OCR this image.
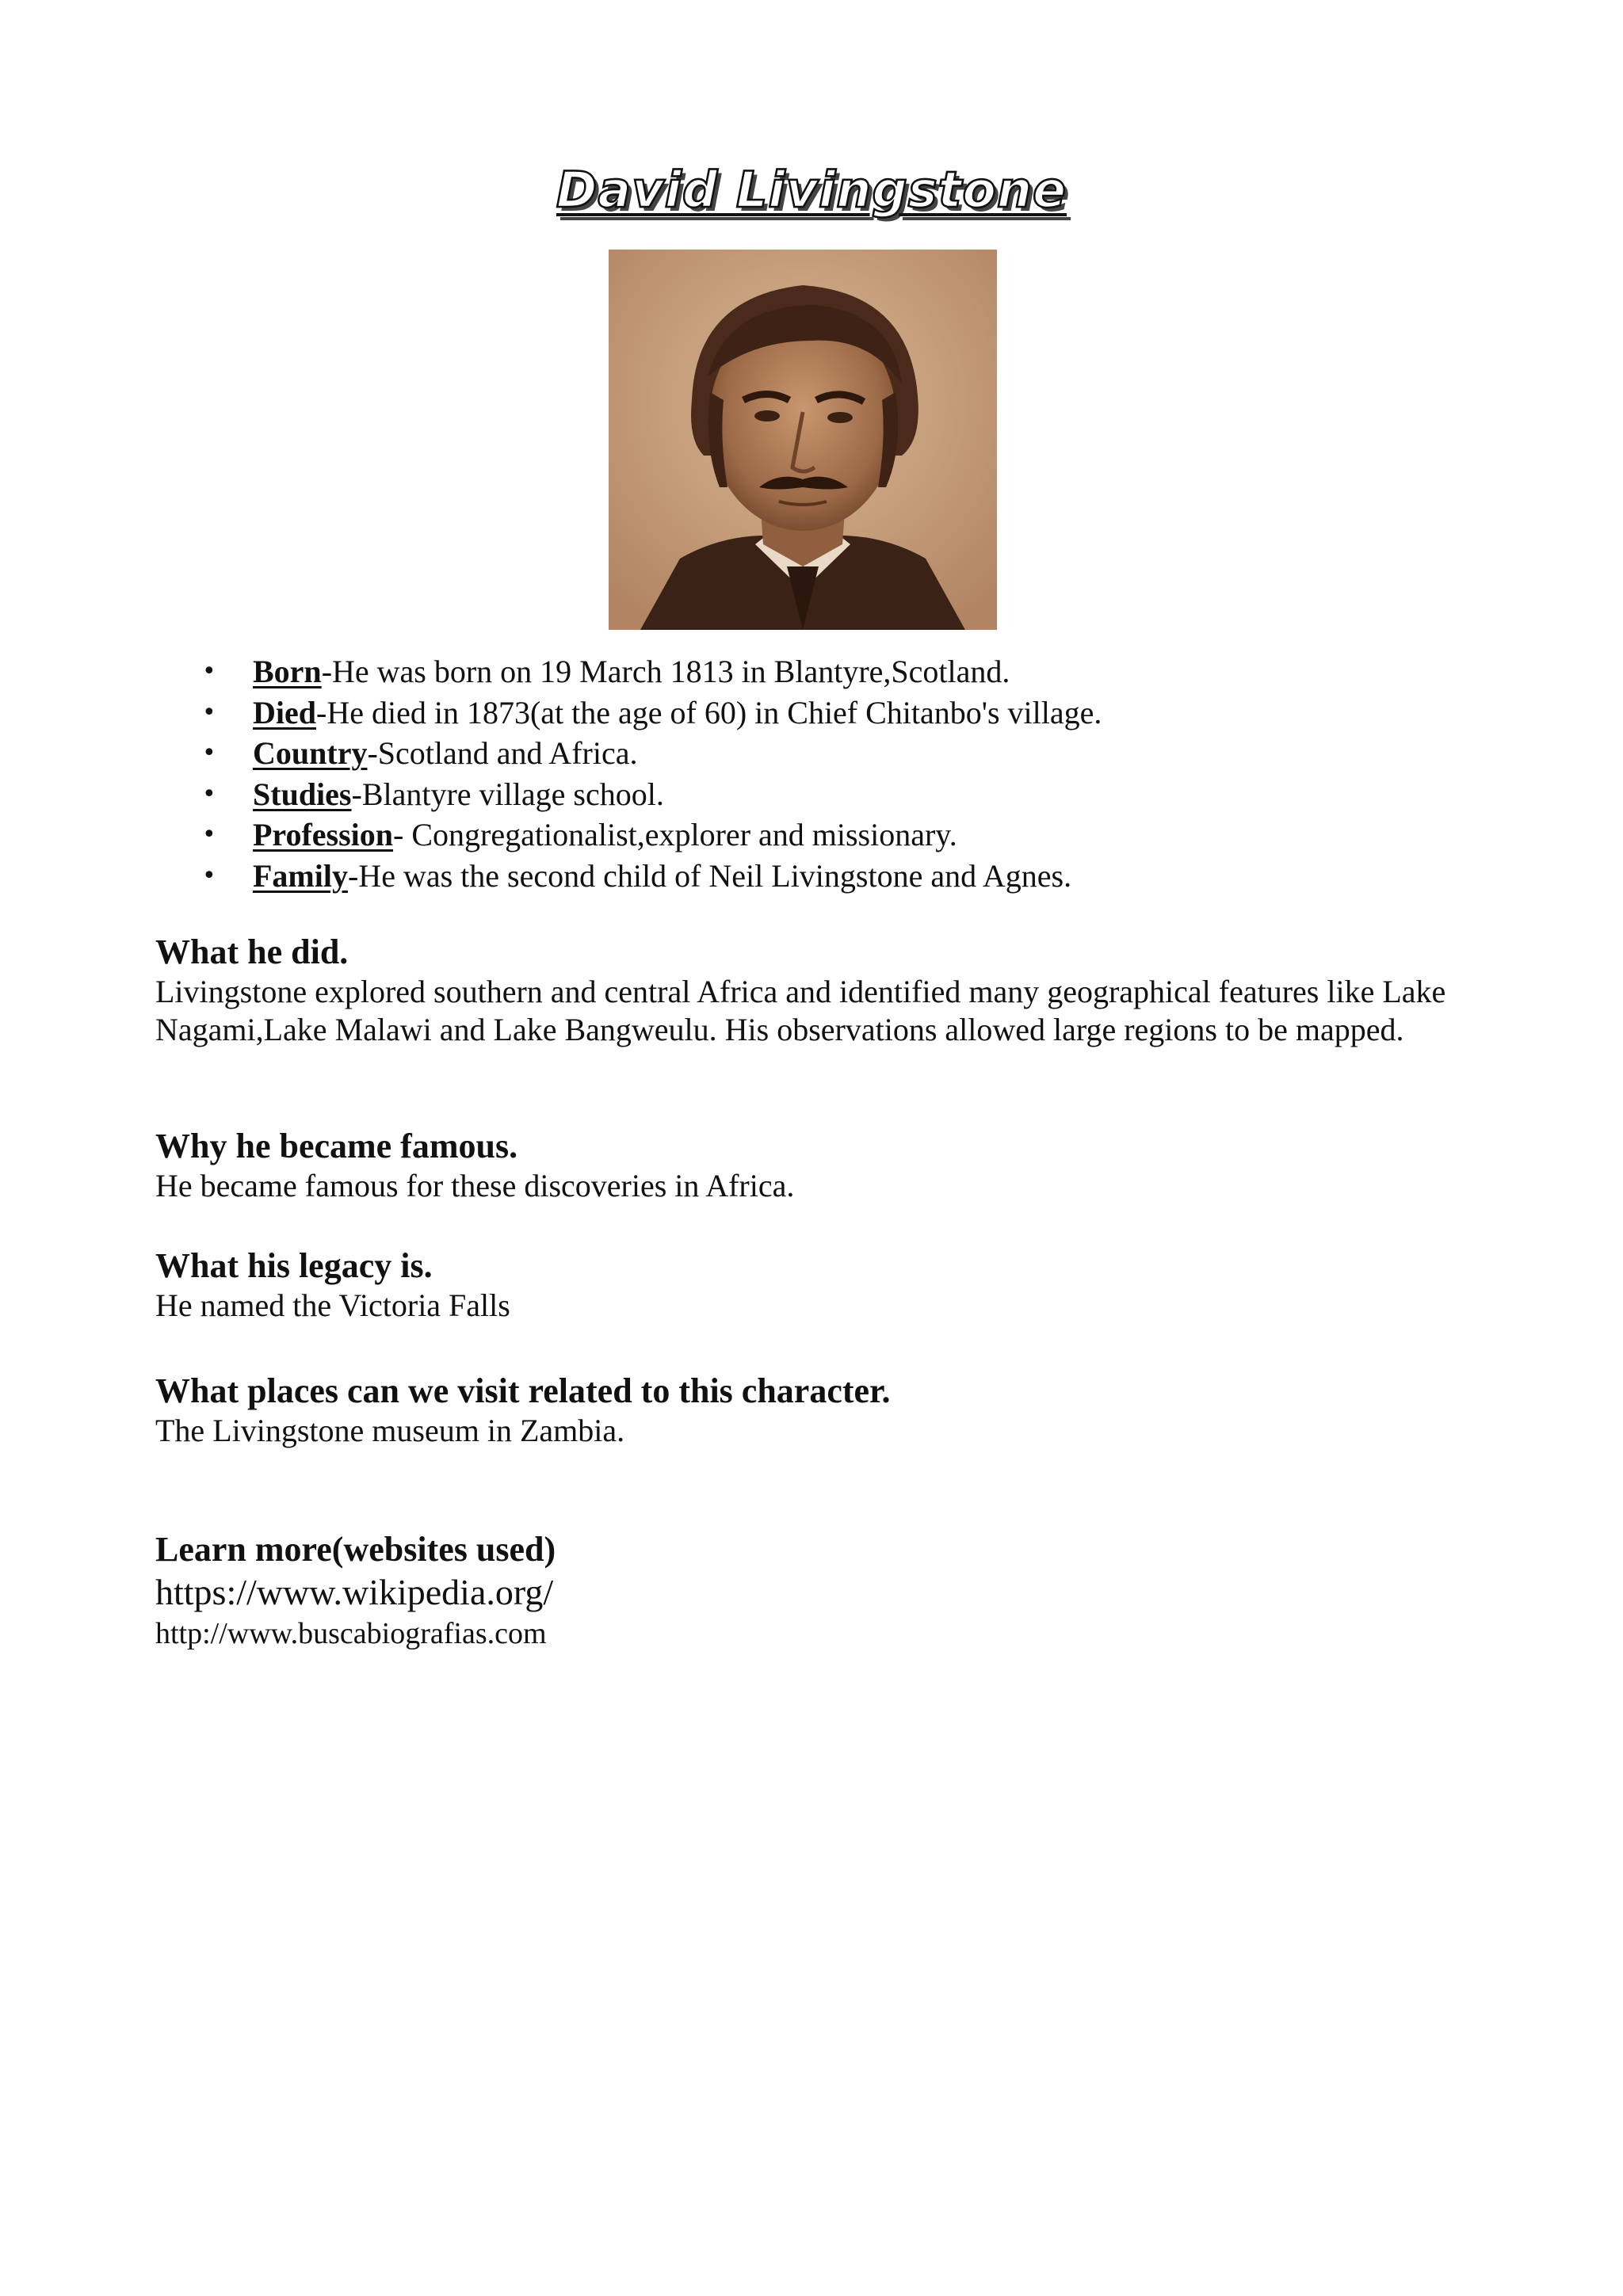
David Livingstone
• Born-He was born on 19 March 1813 in Blantyre,Scotland.
• Died-He died in 1873(at the age of 60) in Chief Chitanbo's village.
• Country-Scotland and Africa.
• Studies-Blantyre village school.
• Profession- Congregationalist,explorer and missionary.
• Family-He was the second child of Neil Livingstone and Agnes.
What he did.

Livingstone explored southern and central Africa and identified many geographical features like Lake Nagami,Lake Malawi and Lake Bangweulu. His observations allowed large regions to be mapped.

Why he became famous.

He became famous for these discoveries in Africa.

What his legacy is.

He named the Victoria Falls

What places can we visit related to this character.

The Livingstone museum in Zambia.

Learn more(websites used)

https://www.wikipedia.org/

http://www.buscabiografias.com
